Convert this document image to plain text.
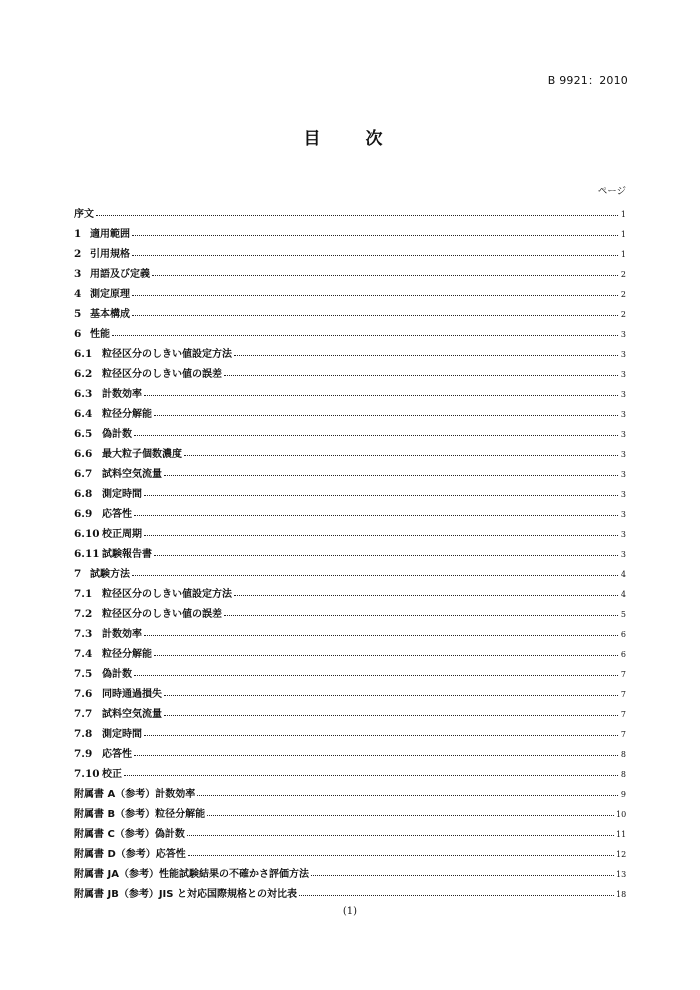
B 9921：2010
目　次
ページ
序文	1
1 適用範囲	1
2 引用規格	1
3 用語及び定義	2
4 測定原理	2
5 基本構成	2
6 性能	3
6.1 粒径区分のしきい値設定方法	3
6.2 粒径区分のしきい値の誤差	3
6.3 計数効率	3
6.4 粒径分解能	3
6.5 偽計数	3
6.6 最大粒子個数濃度	3
6.7 試料空気流量	3
6.8 測定時間	3
6.9 応答性	3
6.10 校正周期	3
6.11 試験報告書	3
7 試験方法	4
7.1 粒径区分のしきい値設定方法	4
7.2 粒径区分のしきい値の誤差	5
7.3 計数効率	6
7.4 粒径分解能	6
7.5 偽計数	7
7.6 同時通過損失	7
7.7 試料空気流量	7
7.8 測定時間	7
7.9 応答性	8
7.10 校正	8
附属書 A（参考）計数効率	9
附属書 B（参考）粒径分解能	10
附属書 C（参考）偽計数	11
附属書 D（参考）応答性	12
附属書 JA（参考）性能試験結果の不確かさ評価方法	13
附属書 JB（参考）JIS と対応国際規格との対比表	18
(1)
